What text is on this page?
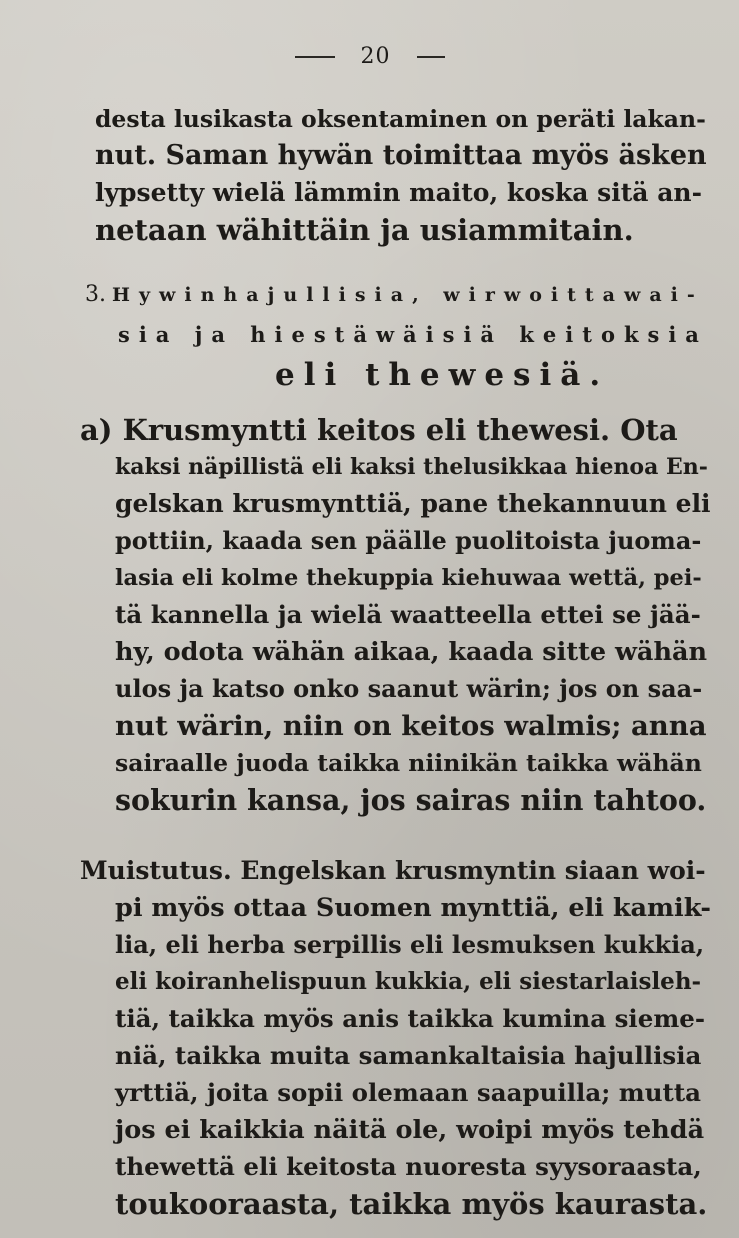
20
desta lusikasta oksentaminen on peräti lakan-
nut. Saman hywän toimittaa myös äsken
lypsetty wielä lämmin maito, koska sitä an-
netaan wähittäin ja usiammitain.
3. Hywinhajullisia, wirwoittawai-
sia ja hiestäwäisiä keitoksia
eli thewesiä.
a) Krusmyntti keitos eli thewesi. Ota
kaksi näpillistä eli kaksi thelusikkaa hienoa En-
gelskan krusmynttiä, pane thekannuun eli
pottiin, kaada sen päälle puolitoista juoma-
lasia eli kolme thekuppia kiehuwaa wettä, pei-
tä kannella ja wielä waatteella ettei se jää-
hy, odota wähän aikaa, kaada sitte wähän
ulos ja katso onko saanut wärin; jos on saa-
nut wärin, niin on keitos walmis; anna
sairaalle juoda taikka niinikän taikka wähän
sokurin kansa, jos sairas niin tahtoo.
Muistutus. Engelskan krusmyntin siaan woi-
pi myös ottaa Suomen mynttiä, eli kamik-
lia, eli herba serpillis eli lesmuksen kukkia,
eli koiranhelispuun kukkia, eli siestarlaisleh-
tiä, taikka myös anis taikka kumina sieme-
niä, taikka muita samankaltaisia hajullisia
yrttiä, joita sopii olemaan saapuilla; mutta
jos ei kaikkia näitä ole, woipi myös tehdä
thewettä eli keitosta nuoresta syysoraasta,
toukooraasta, taikka myös kaurasta.
